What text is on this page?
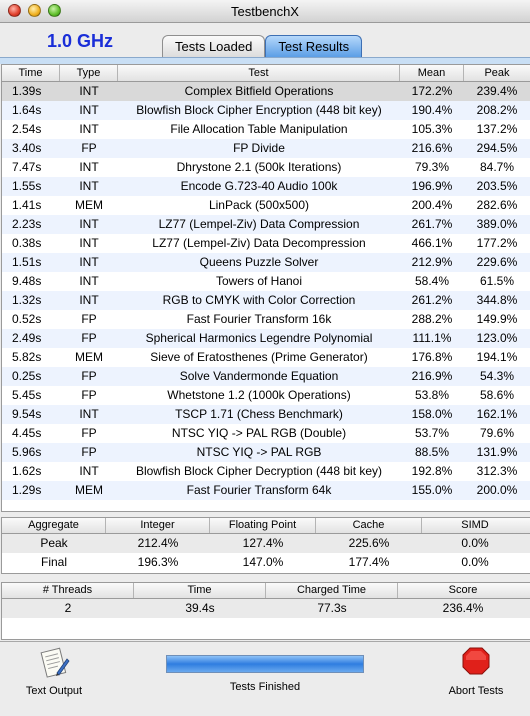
TestbenchX
1.0 GHz	Tests Loaded	Test Results
Time	Type	Test	Mean	Peak
1.39s	INT	Complex Bitfield Operations	172.2%	239.4%
1.64s	INT	Blowfish Block Cipher Encryption (448 bit key)	190.4%	208.2%
2.54s	INT	File Allocation Table Manipulation	105.3%	137.2%
3.40s	FP	FP Divide	216.6%	294.5%
7.47s	INT	Dhrystone 2.1 (500k Iterations)	79.3%	84.7%
1.55s	INT	Encode G.723-40 Audio 100k	196.9%	203.5%
1.41s	MEM	LinPack (500x500)	200.4%	282.6%
2.23s	INT	LZ77 (Lempel-Ziv) Data Compression	261.7%	389.0%
0.38s	INT	LZ77 (Lempel-Ziv) Data Decompression	466.1%	177.2%
1.51s	INT	Queens Puzzle Solver	212.9%	229.6%
9.48s	INT	Towers of Hanoi	58.4%	61.5%
1.32s	INT	RGB to CMYK with Color Correction	261.2%	344.8%
0.52s	FP	Fast Fourier Transform 16k	288.2%	149.9%
2.49s	FP	Spherical Harmonics Legendre Polynomial	111.1%	123.0%
5.82s	MEM	Sieve of Eratosthenes (Prime Generator)	176.8%	194.1%
0.25s	FP	Solve Vandermonde Equation	216.9%	54.3%
5.45s	FP	Whetstone 1.2 (1000k Operations)	53.8%	58.6%
9.54s	INT	TSCP 1.71 (Chess Benchmark)	158.0%	162.1%
4.45s	FP	NTSC YIQ -> PAL RGB (Double)	53.7%	79.6%
5.96s	FP	NTSC YIQ -> PAL RGB	88.5%	131.9%
1.62s	INT	Blowfish Block Cipher Decryption (448 bit key)	192.8%	312.3%
1.29s	MEM	Fast Fourier Transform 64k	155.0%	200.0%
Aggregate	Integer	Floating Point	Cache	SIMD
Peak	212.4%	127.4%	225.6%	0.0%
Final	196.3%	147.0%	177.4%	0.0%
# Threads	Time	Charged Time	Score
2	39.4s	77.3s	236.4%
Text Output	Tests Finished	Abort Tests
